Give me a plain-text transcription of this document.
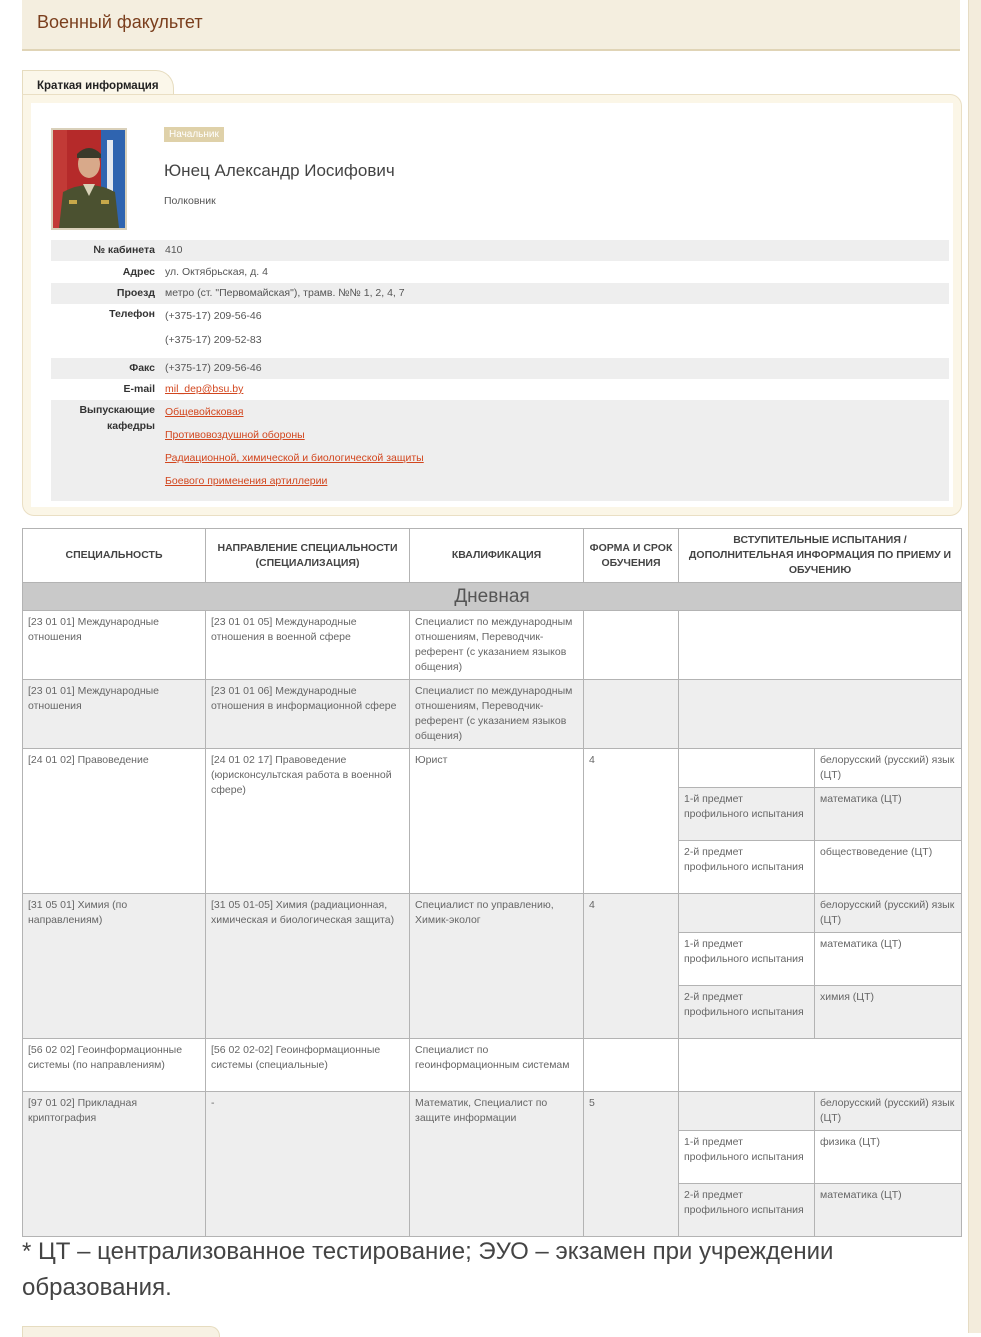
Военный факультет
Краткая информация
Начальник
Юнец Александр Иосифович
Полковник
№ кабинета 410
Адрес ул. Октябрьская, д. 4
Проезд метро (ст. "Первомайская"), трамв. №№ 1, 2, 4, 7
Телефон (+375-17) 209-56-46
(+375-17) 209-52-83
Факс (+375-17) 209-56-46
E-mail mil_dep@bsu.by
Выпускающие
кафедры
Общевойсковая
Противовоздушной обороны
Радиационной, химической и биологической защиты
Боевого применения артиллерии
СПЕЦИАЛЬНОСТЬ	НАПРАВЛЕНИЕ СПЕЦИАЛЬНОСТИ (СПЕЦИАЛИЗАЦИЯ)	КВАЛИФИКАЦИЯ	ФОРМА И СРОК ОБУЧЕНИЯ	ВСТУПИТЕЛЬНЫЕ ИСПЫТАНИЯ / ДОПОЛНИТЕЛЬНАЯ ИНФОРМАЦИЯ ПО ПРИЕМУ И ОБУЧЕНИЮ	
Дневная					
[23 01 01] Международные отношения	[23 01 01 05] Международные отношения в военной сфере	Специалист по международным отношениям, Переводчик-референт (с указанием языков общения)			
[23 01 01] Международные отношения	[23 01 01 06] Международные отношения в информационной сфере	Специалист по международным отношениям, Переводчик-референт (с указанием языков общения)			
[24 01 02] Правоведение	[24 01 02 17] Правоведение (юрисконсультская работа в военной сфере)	Юрист	4		белорусский (русский) язык (ЦТ)
				1-й предмет профильного испытания	математика (ЦТ)
				2-й предмет профильного испытания	обществоведение (ЦТ)
[31 05 01] Химия (по направлениям)	[31 05 01-05] Химия (радиационная, химическая и биологическая защита)	Специалист по управлению, Химик-эколог	4		белорусский (русский) язык (ЦТ)
				1-й предмет профильного испытания	математика (ЦТ)
				2-й предмет профильного испытания	химия (ЦТ)
[56 02 02] Геоинформационные системы (по направлениям)	[56 02 02-02] Геоинформационные системы (специальные)	Специалист по геоинформационным системам			
[97 01 02] Прикладная криптография	-	Математик, Специалист по защите информации	5		белорусский (русский) язык (ЦТ)
				1-й предмет профильного испытания	физика (ЦТ)
				2-й предмет профильного испытания	математика (ЦТ)
* ЦТ – централизованное тестирование; ЭУО – экзамен при учреждении образования.
